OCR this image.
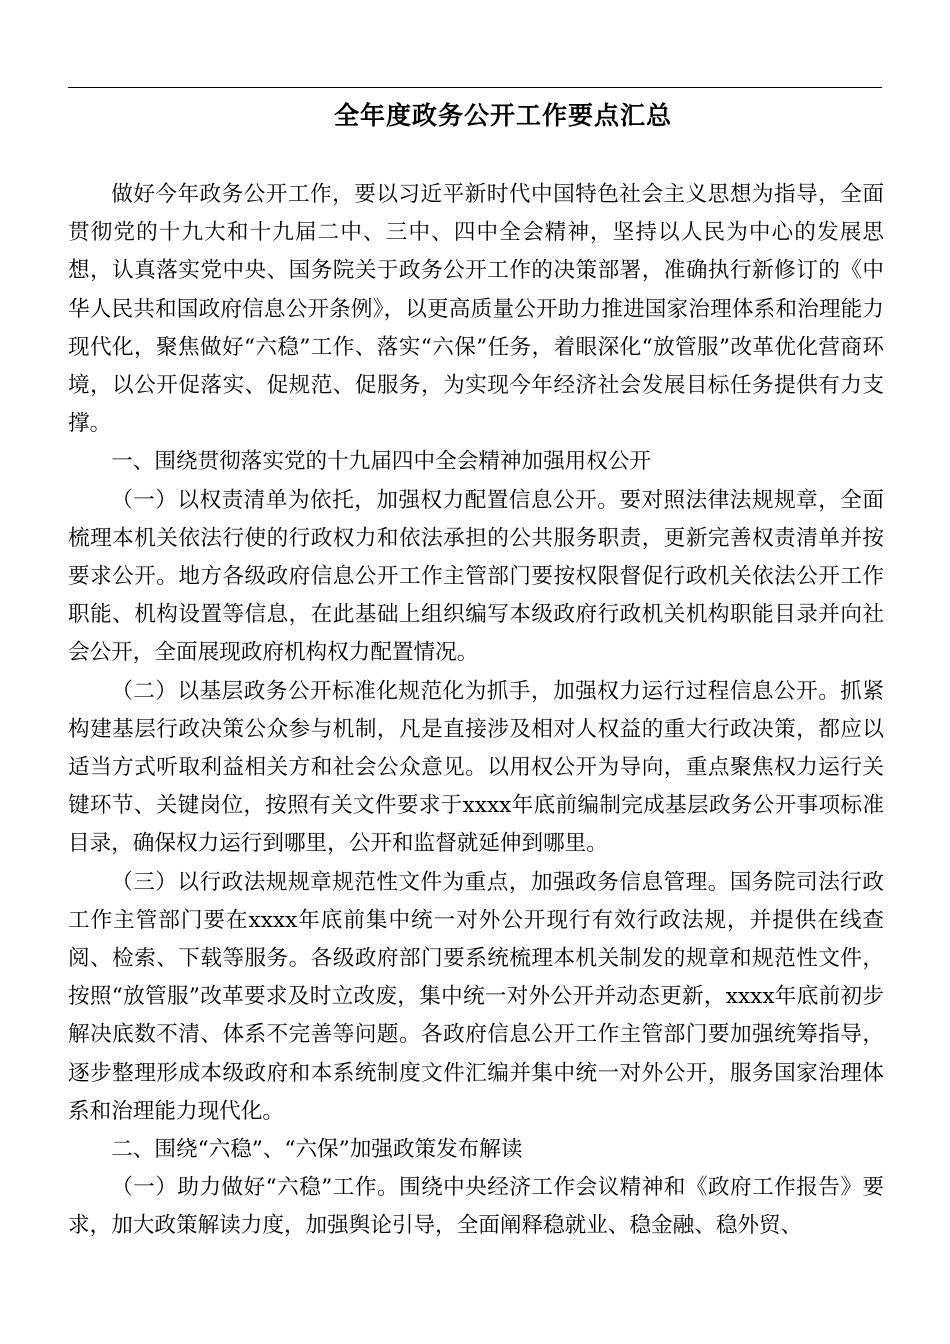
全年度政务公开工作要点汇总

做好今年政务公开工作，要以习近平新时代中国特色社会主义思想为指导，全面贯彻党的十九大和十九届二中、三中、四中全会精神，坚持以人民为中心的发展思想，认真落实党中央、国务院关于政务公开工作的决策部署，准确执行新修订的《中华人民共和国政府信息公开条例》，以更高质量公开助力推进国家治理体系和治理能力现代化，聚焦做好“六稳”工作、落实“六保”任务，着眼深化“放管服”改革优化营商环境，以公开促落实、促规范、促服务，为实现今年经济社会发展目标任务提供有力支撑。

一、围绕贯彻落实党的十九届四中全会精神加强用权公开

（一）以权责清单为依托，加强权力配置信息公开。要对照法律法规规章，全面梳理本机关依法行使的行政权力和依法承担的公共服务职责，更新完善权责清单并按要求公开。地方各级政府信息公开工作主管部门要按权限督促行政机关依法公开工作职能、机构设置等信息，在此基础上组织编写本级政府行政机关机构职能目录并向社会公开，全面展现政府机构权力配置情况。

（二）以基层政务公开标准化规范化为抓手，加强权力运行过程信息公开。抓紧构建基层行政决策公众参与机制，凡是直接涉及相对人权益的重大行政决策，都应以适当方式听取利益相关方和社会公众意见。以用权公开为导向，重点聚焦权力运行关键环节、关键岗位，按照有关文件要求于xxxx年底前编制完成基层政务公开事项标准目录，确保权力运行到哪里，公开和监督就延伸到哪里。

（三）以行政法规规章规范性文件为重点，加强政务信息管理。国务院司法行政工作主管部门要在xxxx年底前集中统一对外公开现行有效行政法规，并提供在线查阅、检索、下载等服务。各级政府部门要系统梳理本机关制发的规章和规范性文件，按照“放管服”改革要求及时立改废，集中统一对外公开并动态更新，xxxx年底前初步解决底数不清、体系不完善等问题。各政府信息公开工作主管部门要加强统筹指导，逐步整理形成本级政府和本系统制度文件汇编并集中统一对外公开，服务国家治理体系和治理能力现代化。

二、围绕“六稳”、“六保”加强政策发布解读

（一）助力做好“六稳”工作。围绕中央经济工作会议精神和《政府工作报告》要求，加大政策解读力度，加强舆论引导，全面阐释稳就业、稳金融、稳外贸、
